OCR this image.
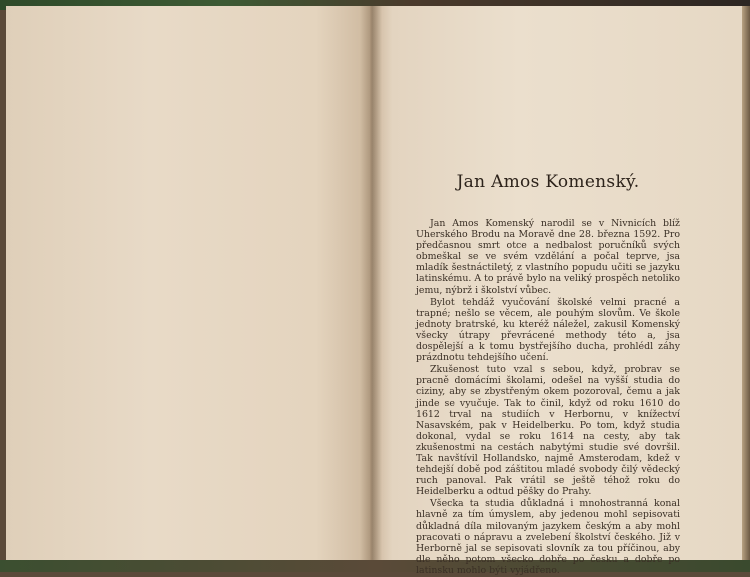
Jan Amos Komenský.

Jan Amos Komenský narodil se v Nivnicích blíž Uherského Brodu na Moravě dne 28. března 1592. Pro předčasnou smrt otce a nedbalost poručníků svých obmeškal se ve svém vzdělání a počal teprve, jsa mladík šestnáctiletý, z vlastního popudu učiti se jazyku latinskému. A to právě bylo na veliký prospěch netoliko jemu, nýbrž i školství vůbec.

Bylot tehdáž vyučování školské velmi pracné a trapné; nešlo se věcem, ale pouhým slovům. Ve škole jednoty bratrské, ku kteréž náležel, zakusil Komenský všecky útrapy převrácené methody této a, jsa dospělejší a k tomu bystřejšího ducha, prohlédl záhy prázdnotu tehdejšího učení.

Zkušenost tuto vzal s sebou, když, probrav se pracně domácími školami, odešel na vyšší studia do ciziny, aby se zbystřeným okem pozoroval, čemu a jak jinde se vyučuje. Tak to činil, když od roku 1610 do 1612 trval na studiích v Herbornu, v knížectví Nasavském, pak v Heidelberku. Po tom, když studia dokonal, vydal se roku 1614 na cesty, aby tak zkušenostmi na cestách nabytými studie své dovršil. Tak navštívil Hollandsko, najmě Amsterodam, kdež v tehdejší době pod záštitou mladé svobody čilý vědecký ruch panoval. Pak vrátil se ještě téhož roku do Heidelberku a odtud pěšky do Prahy.

Všecka ta studia důkladná i mnohostranná konal hlavně za tím úmyslem, aby jedenou mohl sepisovati důkladná díla milovaným jazykem českým a aby mohl pracovati o nápravu a zvelebení školství českého. Již v Herborně jal se sepisovati slovník za tou příčinou, aby dle něho potom všecko dobře po česku a dobře po latinsku mohlo býti vyjádřeno.
